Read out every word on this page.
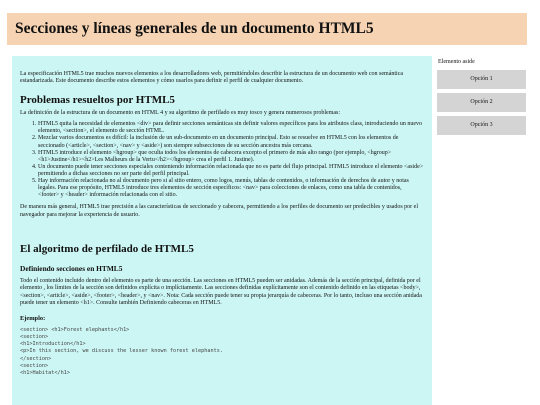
Secciones y líneas generales de un documento HTML5

La especificación HTML5 trae muchos nuevos elementos a los desarrolladores web, permitiéndoles describir la estructura de un documento web con semántica estandarizada. Este documento describe estos elementos y cómo usarlos para definir el perfil de cualquier documento.

Problemas resueltos por HTML5

La definición de la estructura de un documento en HTML 4 y su algoritmo de perfilado es muy tosco y genera numerosos problemas:

1. HTML5 quita la necesidad de elementos <div> para definir secciones semánticas sin definir valores específicos para los atributos class, introduciendo un nuevo elemento, <section>, el elemento de sección HTML.
2. Mezclar varios documentos es difícil: la inclusión de un sub-documento en un documento principal. Esto se resuelve en HTML5 con los elementos de seccionado (<article>, <section>, <nav> y <aside>) son siempre subsecciones de su sección ancestra más cercana.
3. HTML5 introduce el elemento <hgroup> que oculta todos los elementos de cabecera excepto el primero de más alto rango (por ejemplo, <hgroup><h1>Justine</h1><h2>Les Malheurs de la Vertu</h2></hgroup> crea el perfil 1. Justine).
4. Un documento puede tener secciones especiales conteniendo información relacionada que no es parte del flujo principal. HTML5 introduce el elemento <aside> permitiendo a dichas secciones no ser parte del perfil principal.
5. Hay información relacionada no al documento pero si al sitio entero, como logos, menús, tablas de contenidos, o información de derechos de autor y notas legales. Para ese propósito, HTML5 introduce tres elementos de sección específicos: <nav> para colecciones de enlaces, como una tabla de contenidos, <footer> y <header> información relacionada con el sitio.

De manera más general, HTML5 trae precisión a las características de seccionado y cabecera, permitiendo a los perfiles de documento ser predecibles y usados por el navegador para mejorar la experiencia de usuario.

El algoritmo de perfilado de HTML5
Definiendo secciones en HTML5

Todo el contenido incluido dentro del elemento es parte de una sección. Las secciones en HTML5 pueden ser anidadas. Además de la sección principal, definida por el elemento , los límites de la sección son definidos explícita o implícitamente. Las secciones definidas explícitamente son el contenido definido en las etiquetas <body>, <section>, <article>, <aside>, <footer>, <header>, y <nav>. Nota: Cada sección puede tener su propia jerarquía de cabeceras. Por lo tanto, incluso una sección anidada puede tener un elemento <h1>. Consulte también Definiendo cabeceras en HTML5.

Ejemplo:
<section> <h1>Forest elephants</h1>
<section>
<h1>Introduction</h1>
<p>In this section, we discuss the lesser known forest elephants.
</section>
<section>
<h1>Habitat</h1>
Elemento aside
Opción 1
Opción 2
Opción 3
